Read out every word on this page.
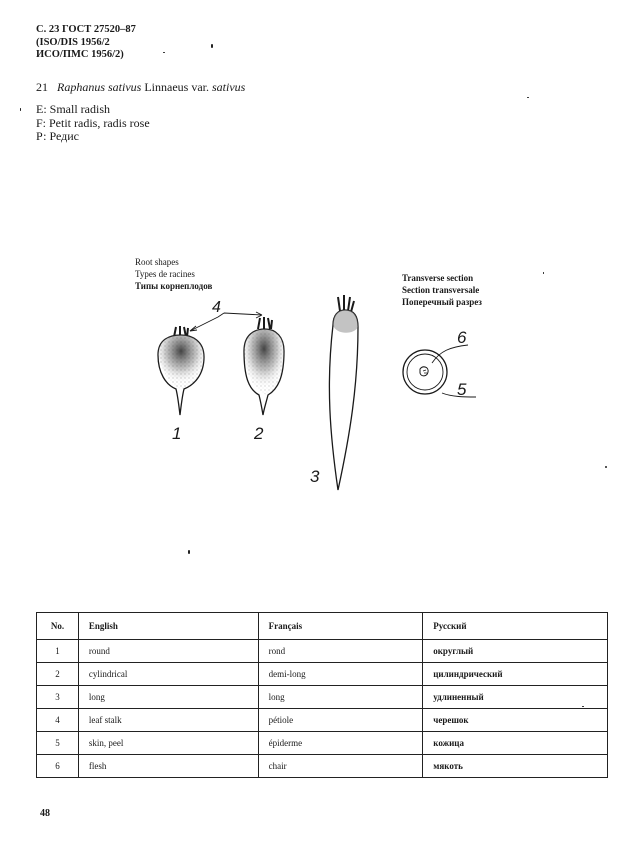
С. 23 ГОСТ 27520–87
(ISO/DIS 1956/2
ИСО/ПМС 1956/2)
21 Raphanus sativus Linnaeus var. sativus
E: Small radish
F: Petit radis, radis rose
Р: Редис
Root shapes
Types de racines
Типы корнеплодов
Transverse section
Section transversale
Поперечный разрез
4
1	2
3
6
5
No.	English	Français	Русский
1	round	rond	округлый
2	cylindrical	demi-long	цилиндрический
3	long	long	удлиненный
4	leaf stalk	pétiole	черешок
5	skin, peel	épiderme	кожица
6	flesh	chair	мякоть
48
